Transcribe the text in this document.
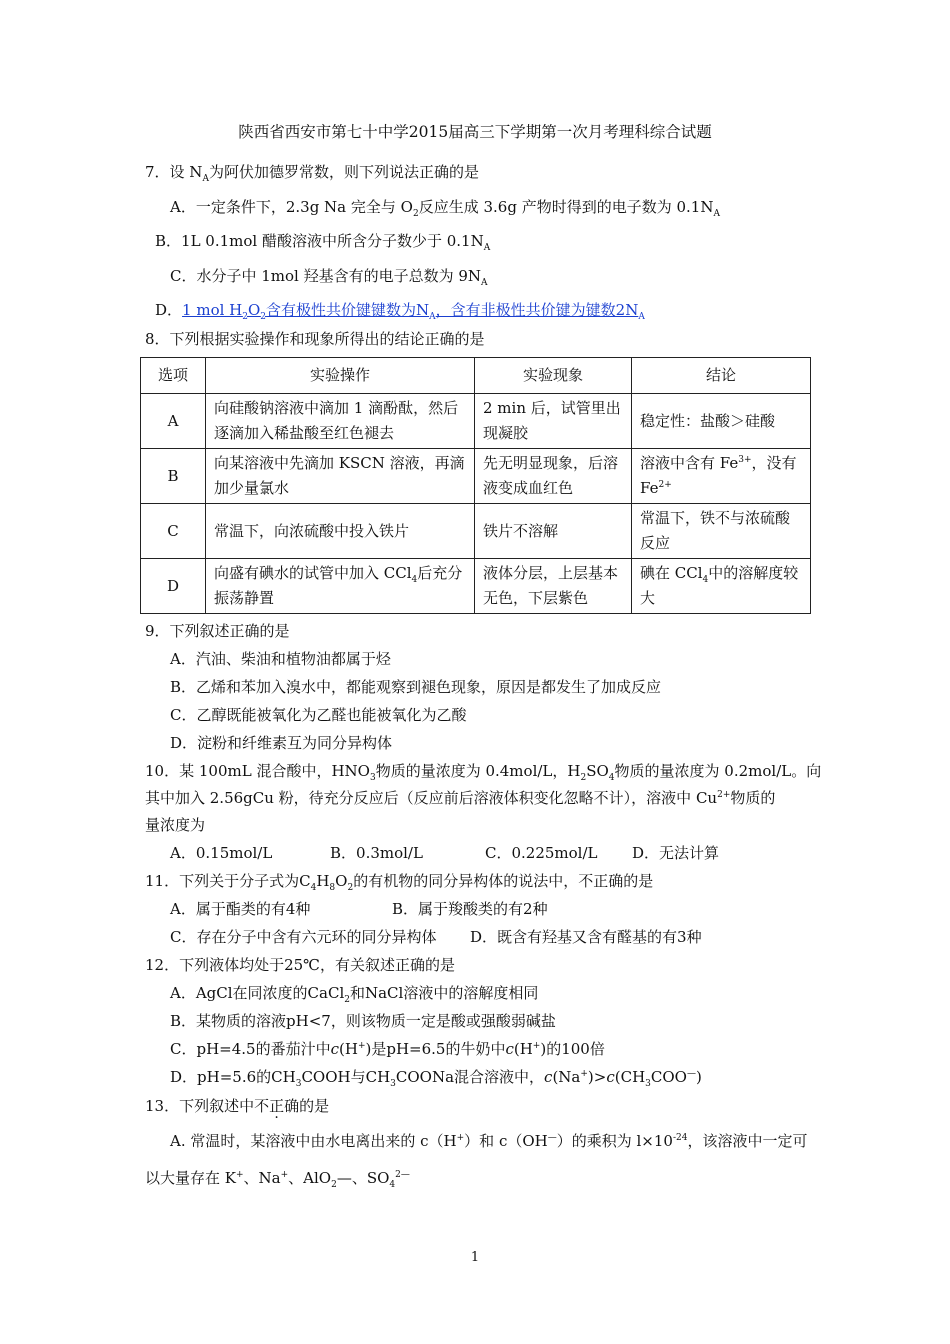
陕西省西安市第七十中学2015届高三下学期第一次月考理科综合试题
7．设 $N_A$为阿伏加德罗常数，则下列说法正确的是
A．一定条件下，2.3g Na 完全与 $O_2$反应生成 3.6g 产物时得到的电子数为 $0.1N_A$
B．1L 0.1mol 醋酸溶液中所含分子数少于 $0.1N_A$
C．水分子中 1mol 羟基含有的电子总数为 $9N_A$
D．1 mol $H_2O_2$含有极性共价键键数为$N_A$，含有非极性共价键为键数$2N_A$
8．下列根据实验操作和现象所得出的结论正确的是
选项	实验操作	实验现象	结论
A	向硅酸钠溶液中滴加 1 滴酚酞，然后逐滴加入稀盐酸至红色褪去	2 min 后，试管里出现凝胶	稳定性：盐酸＞硅酸
B	向某溶液中先滴加 KSCN 溶液，再滴加少量氯水	先无明显现象，后溶液变成血红色	溶液中含有 $Fe^{3+}$，没有 $Fe^{2+}$
C	常温下，向浓硫酸中投入铁片	铁片不溶解	常温下，铁不与浓硫酸反应
D	向盛有碘水的试管中加入 CCl$_4$后充分振荡静置	液体分层，上层基本无色，下层紫色	碘在 CCl$_4$中的溶解度较大
9．下列叙述正确的是
A．汽油、柴油和植物油都属于烃
B．乙烯和苯加入溴水中，都能观察到褪色现象，原因是都发生了加成反应
C．乙醇既能被氧化为乙醛也能被氧化为乙酸
D．淀粉和纤维素互为同分异构体
10．某 100mL 混合酸中，$HNO_3$物质的量浓度为 0.4mol/L，$H_2SO_4$物质的量浓度为 0.2mol/L。向
其中加入 2.56gCu 粉，待充分反应后（反应前后溶液体积变化忽略不计），溶液中 $Cu^{2+}$物质的
量浓度为
A．0.15mol/L	B．0.3mol/L	C．0.225mol/L D．无法计算
11．下列关于分子式为$C_4H_8O_2$的有机物的同分异构体的说法中，不正确的是
A．属于酯类的有4种	B．属于羧酸类的有2种
C．存在分子中含有六元环的同分异构体 D．既含有羟基又含有醛基的有3种
12．下列液体均处于25℃，有关叙述正确的是
A．AgCl在同浓度的CaCl$_2$和NaCl溶液中的溶解度相同
B．某物质的溶液pH<7，则该物质一定是酸或强酸弱碱盐
C．pH=4.5的番茄汁中c(H+)是pH=6.5的牛奶中c(H+)的100倍
D．pH=5.6的$CH_3COOH$与$CH_3COONa$混合溶液中，$c(Na^+)>c(CH_3COO^—)$
13．下列叙述中不正确的是
A. 常温时，某溶液中由水电离出来的 c（H+）和 c（OH—）的乘积为 $l\times 10^{-24}$，该溶液中一定可
以大量存在 K+、Na+、AlO$_2$—、$SO_4^{2—}$
1
